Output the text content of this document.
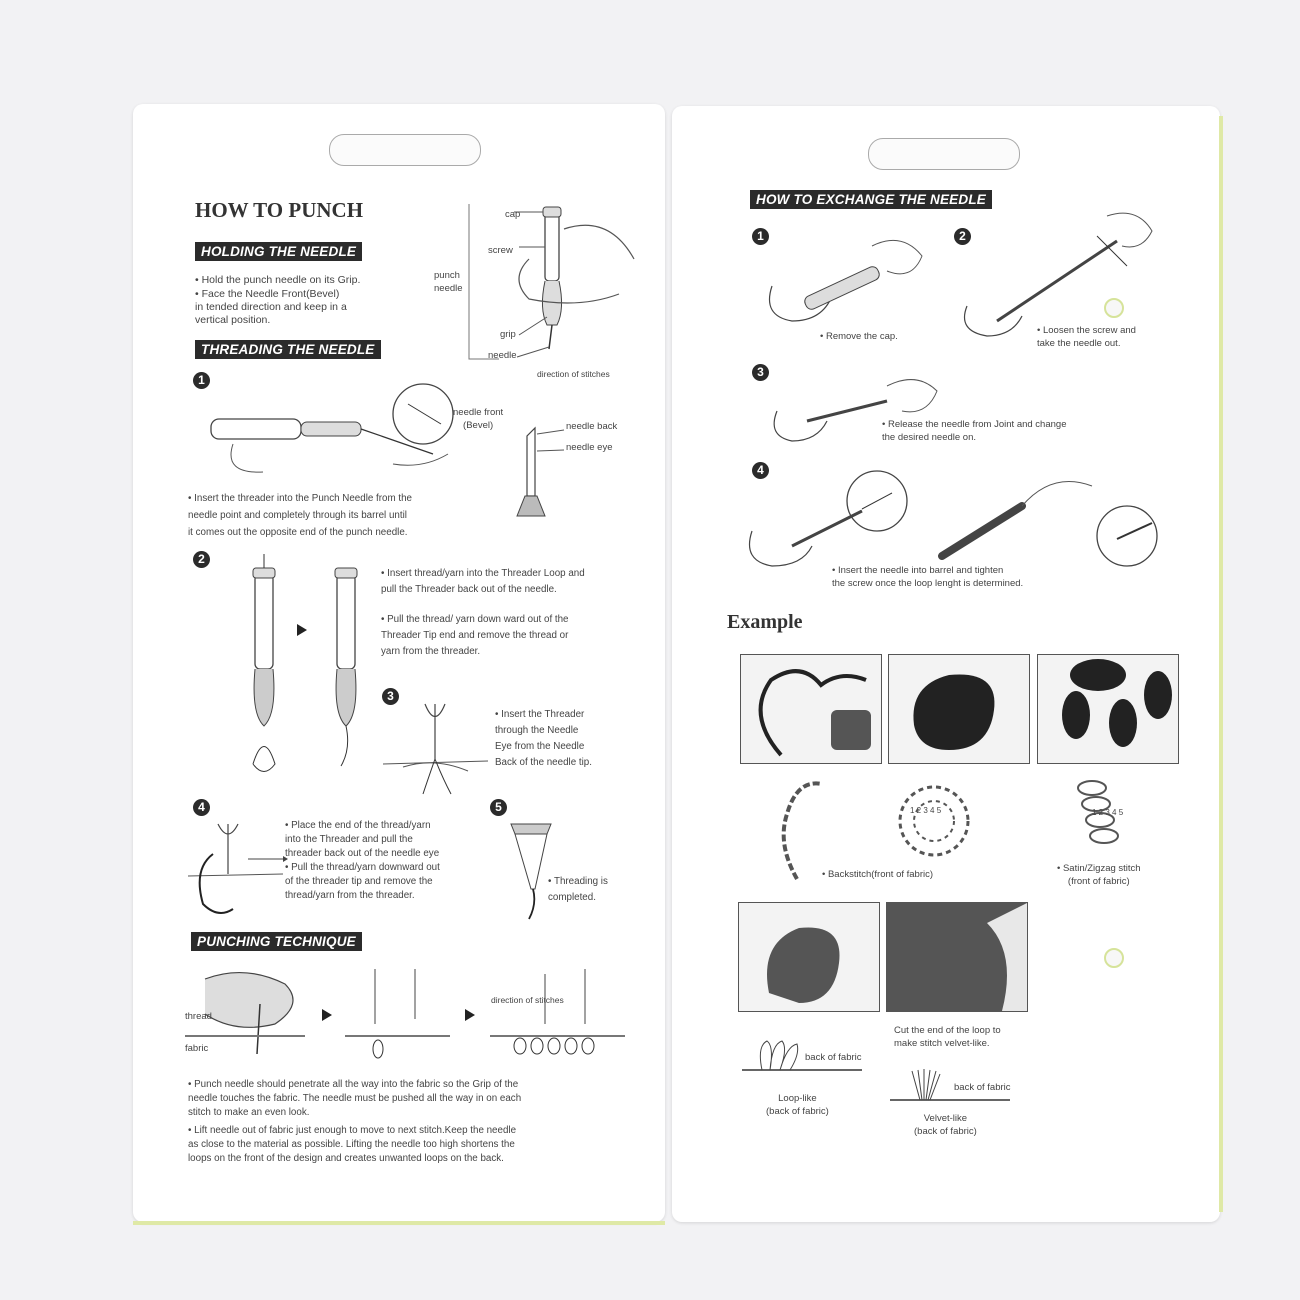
HOW TO PUNCH
HOLDING THE NEEDLE
• Hold the punch needle on its Grip.
• Face the Needle Front(Bevel)
in tended direction and keep in a
vertical position.
cap
screw
punch
needle
grip
needle
direction of stitches
THREADING THE NEEDLE
1
needle front
(Bevel)	needle back
needle eye
• Insert the threader into the Punch Needle from the
needle point and completely through its barrel until
it comes out the opposite end of the punch needle.
2
• Insert thread/yarn into the Threader Loop and
pull the Threader back out of the needle.
• Pull the thread/ yarn down ward out of the
Threader Tip end and remove the thread or
yarn from the threader.
3
• Insert the Threader
through the Needle
Eye from the Needle
Back of the needle tip.
4
• Place the end of the thread/yarn
into the Threader and pull the
threader back out of the needle eye
• Pull the thread/yarn downward out
of the threader tip and remove the
thread/yarn from the threader.
5
• Threading is
completed.
PUNCHING TECHNIQUE
thread
fabric
direction of stitches
• Punch needle should penetrate all the way into the fabric so the Grip of the
needle touches the fabric. The needle must be pushed all the way in on each
stitch to make an even look.
• Lift needle out of fabric just enough to move to next stitch.Keep the needle
as close to the material as possible. Lifting the needle too high shortens the
loops on the front of the design and creates unwanted loops on the back.
HOW TO EXCHANGE THE NEEDLE
1
• Remove the cap.
2
• Loosen the screw and
take the needle out.
3
• Release the needle from Joint and change
the desired needle on.
4
• Insert the needle into barrel and tighten
the screw once the loop lenght is determined.
Example
1 2 3 4 5	1 2 3 4 5
• Backstitch(front of fabric)
• Satin/Zigzag stitch
(front of fabric)
Cut the end of the loop to
make stitch velvet-like.
back of fabric
Loop-like
(back of fabric)
back of fabric
Velvet-like
(back of fabric)
